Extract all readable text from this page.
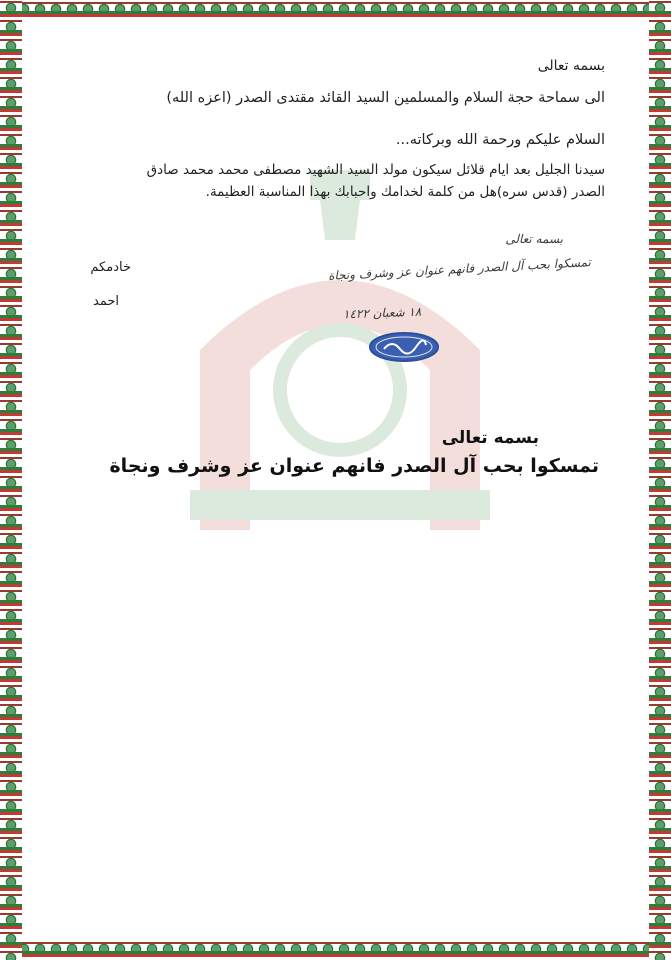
بسمه تعالى
الى سماحة حجة السلام والمسلمين السيد القائد مقتدى الصدر (اعزه الله)
السلام عليكم ورحمة الله وبركاته...
سيدنا الجليل بعد ايام قلائل سيكون مولد السيد الشهيد مصطفى محمد محمد صادق
الصدر (قدس سره)هل من كلمة لخدامك واحبابك بهذا المناسبة العظيمة.
بسمه تعالى
تمسكوا بحب آل الصدر فانهم عنوان عز وشرف ونجاة
خادمكم
احمد
١٨ شعبان ١٤٢٢
بسمه تعالى
تمسكوا بحب آل الصدر فانهم عنوان عز وشرف ونجاة
